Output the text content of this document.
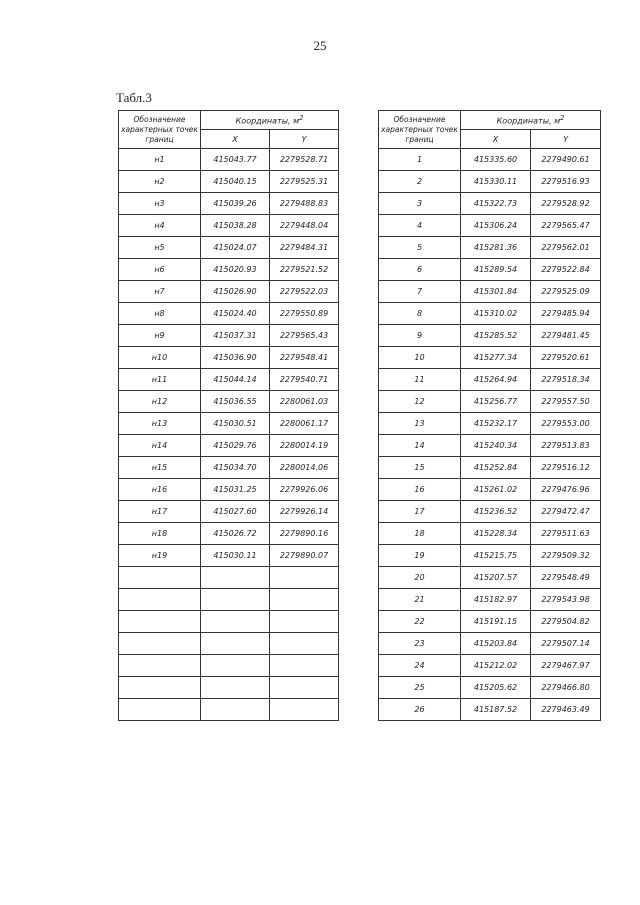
25
Табл.3
Обозначение характерных точек границ	Координаты, $м^2$
	X	Y
н1	415043.77	2279528.71
н2	415040.15	2279525.31
н3	415039.26	2279488.83
н4	415038.28	2279448.04
н5	415024.07	2279484.31
н6	415020.93	2279521.52
н7	415026.90	2279522.03
н8	415024.40	2279550.89
н9	415037.31	2279565.43
н10	415036.90	2279548.41
н11	415044.14	2279540.71
н12	415036.55	2280061.03
н13	415030.51	2280061.17
н14	415029.76	2280014.19
н15	415034.70	2280014.06
н16	415031.25	2279926.06
н17	415027.60	2279926.14
н18	415026.72	2279890.16
н19	415030.11	2279890.07

Обозначение характерных точек границ	Координаты, $м^2$
	X	Y
1	415335.60	2279490.61
2	415330.11	2279516.93
3	415322.73	2279528.92
4	415306.24	2279565.47
5	415281.36	2279562.01
6	415289.54	2279522.84
7	415301.84	2279525.09
8	415310.02	2279485.94
9	415285.52	2279481.45
10	415277.34	2279520.61
11	415264.94	2279518.34
12	415256.77	2279557.50
13	415232.17	2279553.00
14	415240.34	2279513.83
15	415252.84	2279516.12
16	415261.02	2279476.96
17	415236.52	2279472.47
18	415228.34	2279511.63
19	415215.75	2279509.32
20	415207.57	2279548.49
21	415182.97	2279543.98
22	415191.15	2279504.82
23	415203.84	2279507.14
24	415212.02	2279467.97
25	415205.62	2279466.80
26	415187.52	2279463.49
